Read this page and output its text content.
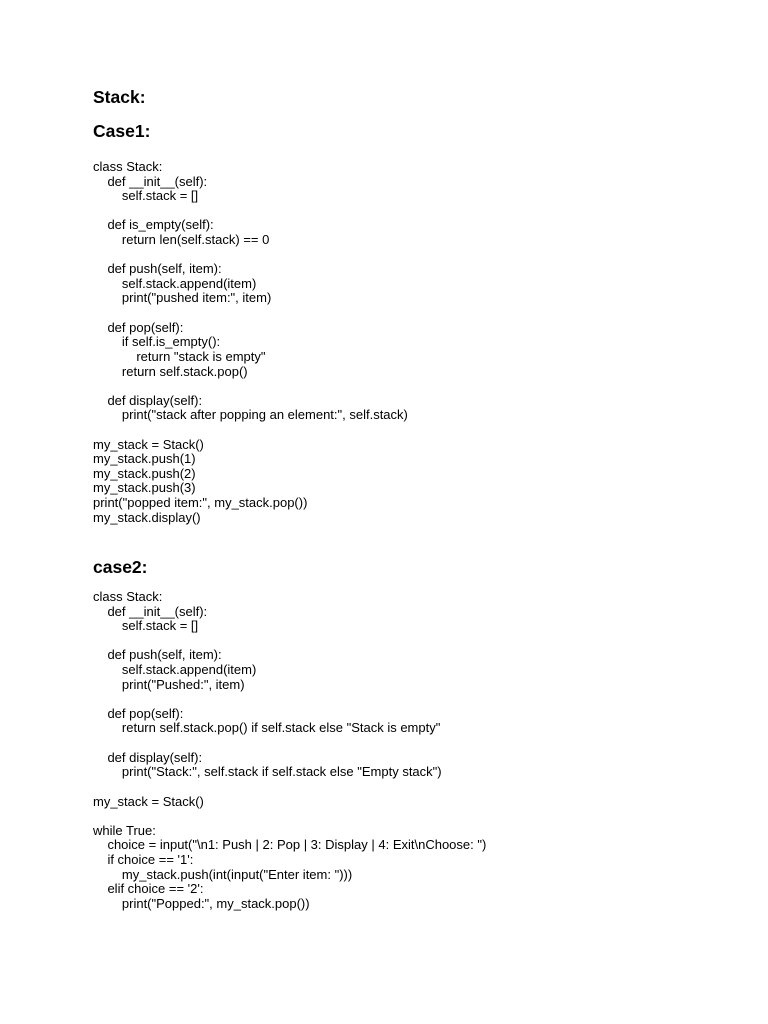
Stack:
Case1:
class Stack:
def __init__(self):
self.stack = []
def is_empty(self):
return len(self.stack) == 0
def push(self, item):
self.stack.append(item)
print("pushed item:", item)
def pop(self):
if self.is_empty():
return "stack is empty"
return self.stack.pop()
def display(self):
print("stack after popping an element:", self.stack)
my_stack = Stack()
my_stack.push(1)
my_stack.push(2)
my_stack.push(3)
print("popped item:", my_stack.pop())
my_stack.display()
case2:
class Stack:
def __init__(self):
self.stack = []
def push(self, item):
self.stack.append(item)
print("Pushed:", item)
def pop(self):
return self.stack.pop() if self.stack else "Stack is empty"
def display(self):
print("Stack:", self.stack if self.stack else "Empty stack")
my_stack = Stack()
while True:
choice = input("\n1: Push | 2: Pop | 3: Display | 4: Exit\nChoose: ")
if choice == '1':
my_stack.push(int(input("Enter item: ")))
elif choice == '2':
print("Popped:", my_stack.pop())
